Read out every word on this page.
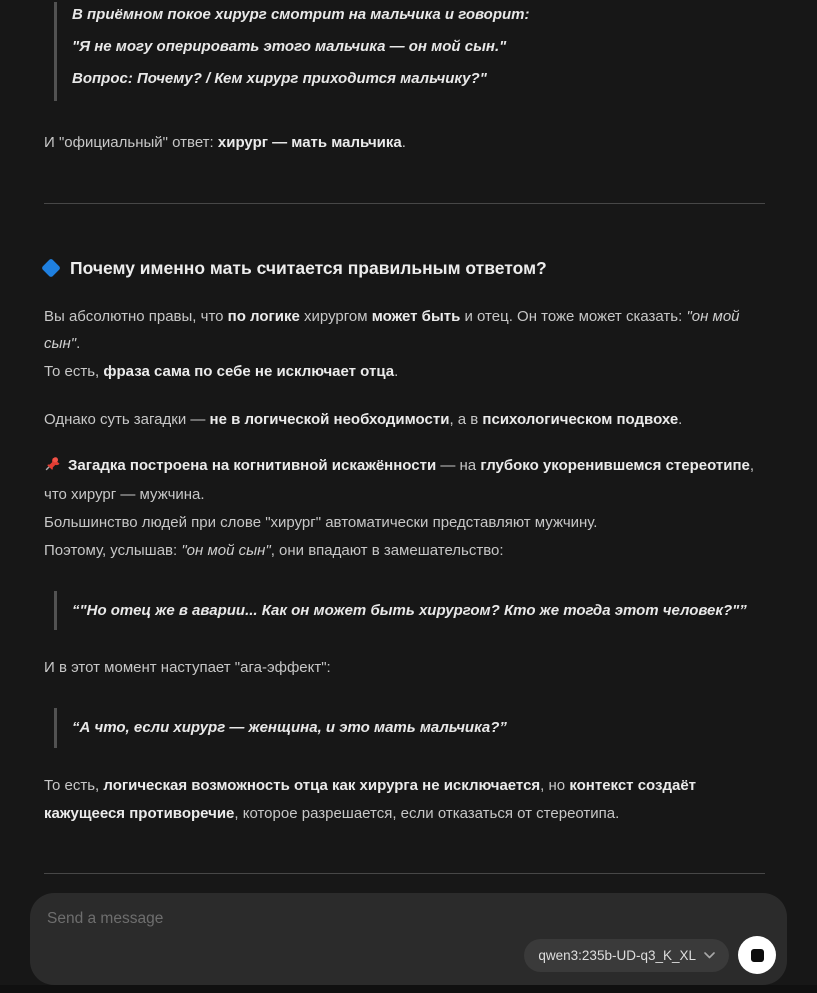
В приёмном покое хирург смотрит на мальчика и говорит:

"Я не могу оперировать этого мальчика — он мой сын."

Вопрос: Почему? / Кем хирург приходится мальчику?"

И "официальный" ответ: хирург — мать мальчика.

Почему именно мать считается правильным ответом?

Вы абсолютно правы, что по логике хирургом может быть и отец. Он тоже может сказать: "он мой сын".
То есть, фраза сама по себе не исключает отца.

Однако суть загадки — не в логической необходимости, а в психологическом подвохе.

Загадка построена на когнитивной искажённости — на глубоко укоренившемся стереотипе, что хирург — мужчина.
Большинство людей при слове "хирург" автоматически представляют мужчину.
Поэтому, услышав: "он мой сын", они впадают в замешательство:

“"Но отец же в аварии... Как он может быть хирургом? Кто же тогда этот человек?"”

И в этот момент наступает "ага-эффект":

“А что, если хирург — женщина, и это мать мальчика?”

То есть, логическая возможность отца как хирурга не исключается, но контекст создаёт кажущееся противоречие, которое разрешается, если отказаться от стереотипа.

Send a message
qwen3:235b-UD-q3_K_XL
